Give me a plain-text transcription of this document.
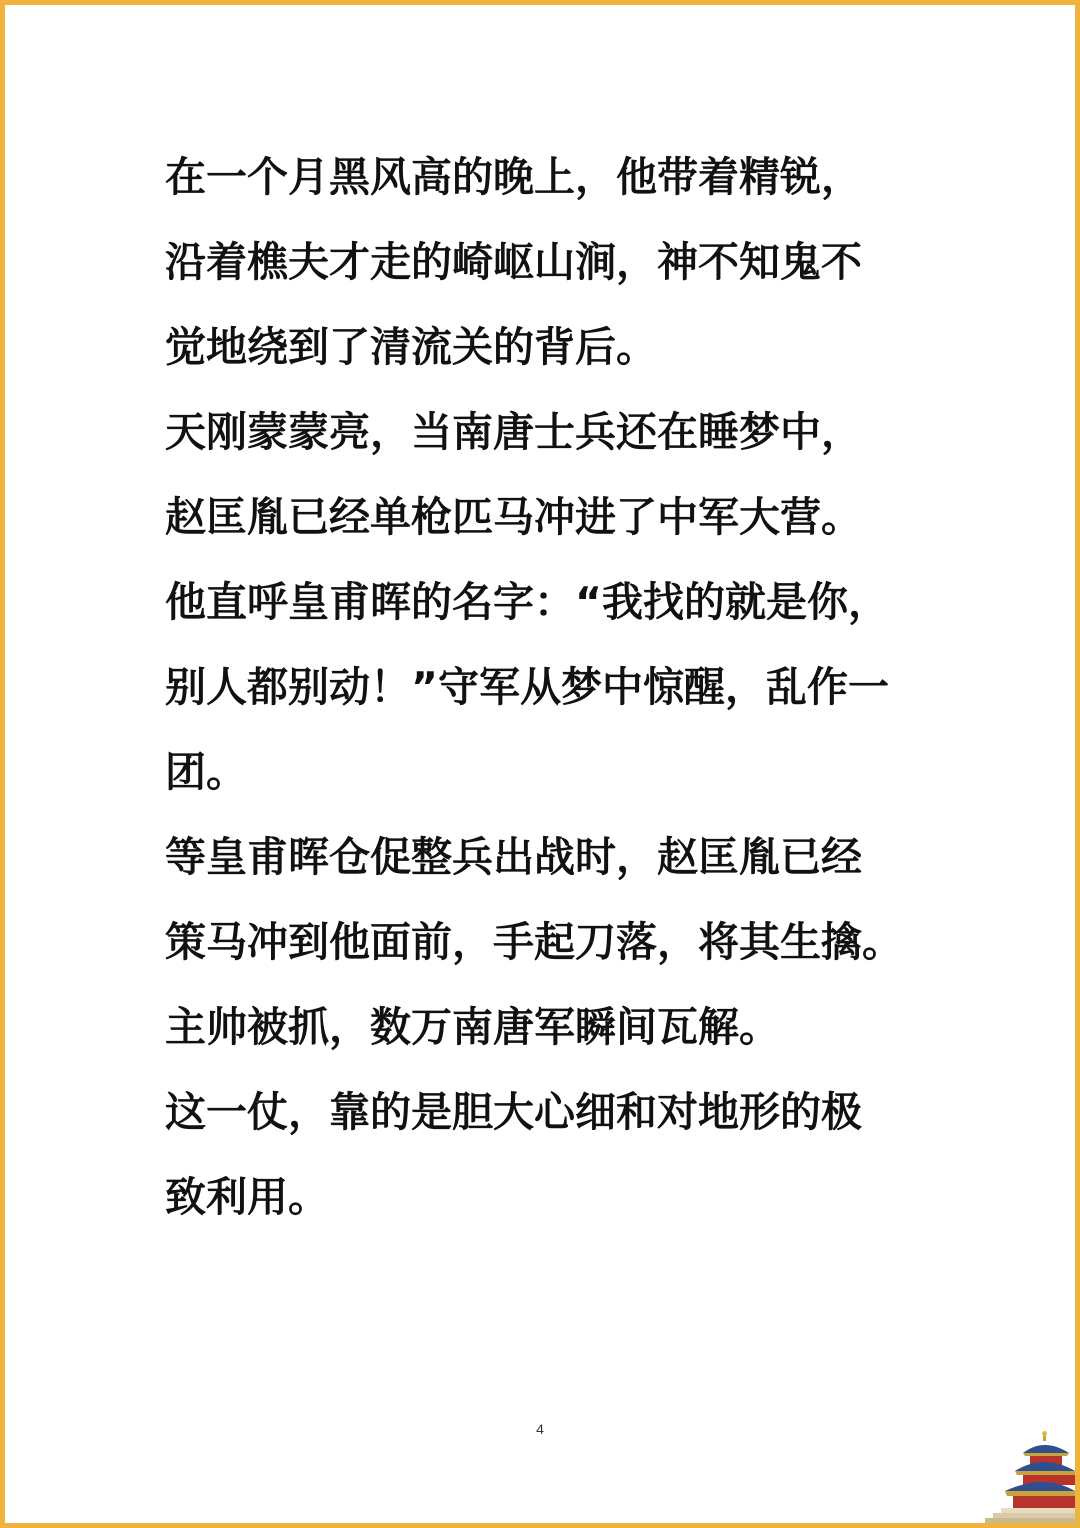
在一个月黑风高的晚上，他带着精锐，
沿着樵夫才走的崎岖山涧，神不知鬼不
觉地绕到了清流关的背后。
天刚蒙蒙亮，当南唐士兵还在睡梦中，
赵匡胤已经单枪匹马冲进了中军大营。
他直呼皇甫晖的名字：“我找的就是你，
别人都别动！”守军从梦中惊醒，乱作一
团。
等皇甫晖仓促整兵出战时，赵匡胤已经
策马冲到他面前，手起刀落，将其生擒。
主帅被抓，数万南唐军瞬间瓦解。
这一仗，靠的是胆大心细和对地形的极
致利用。
4
